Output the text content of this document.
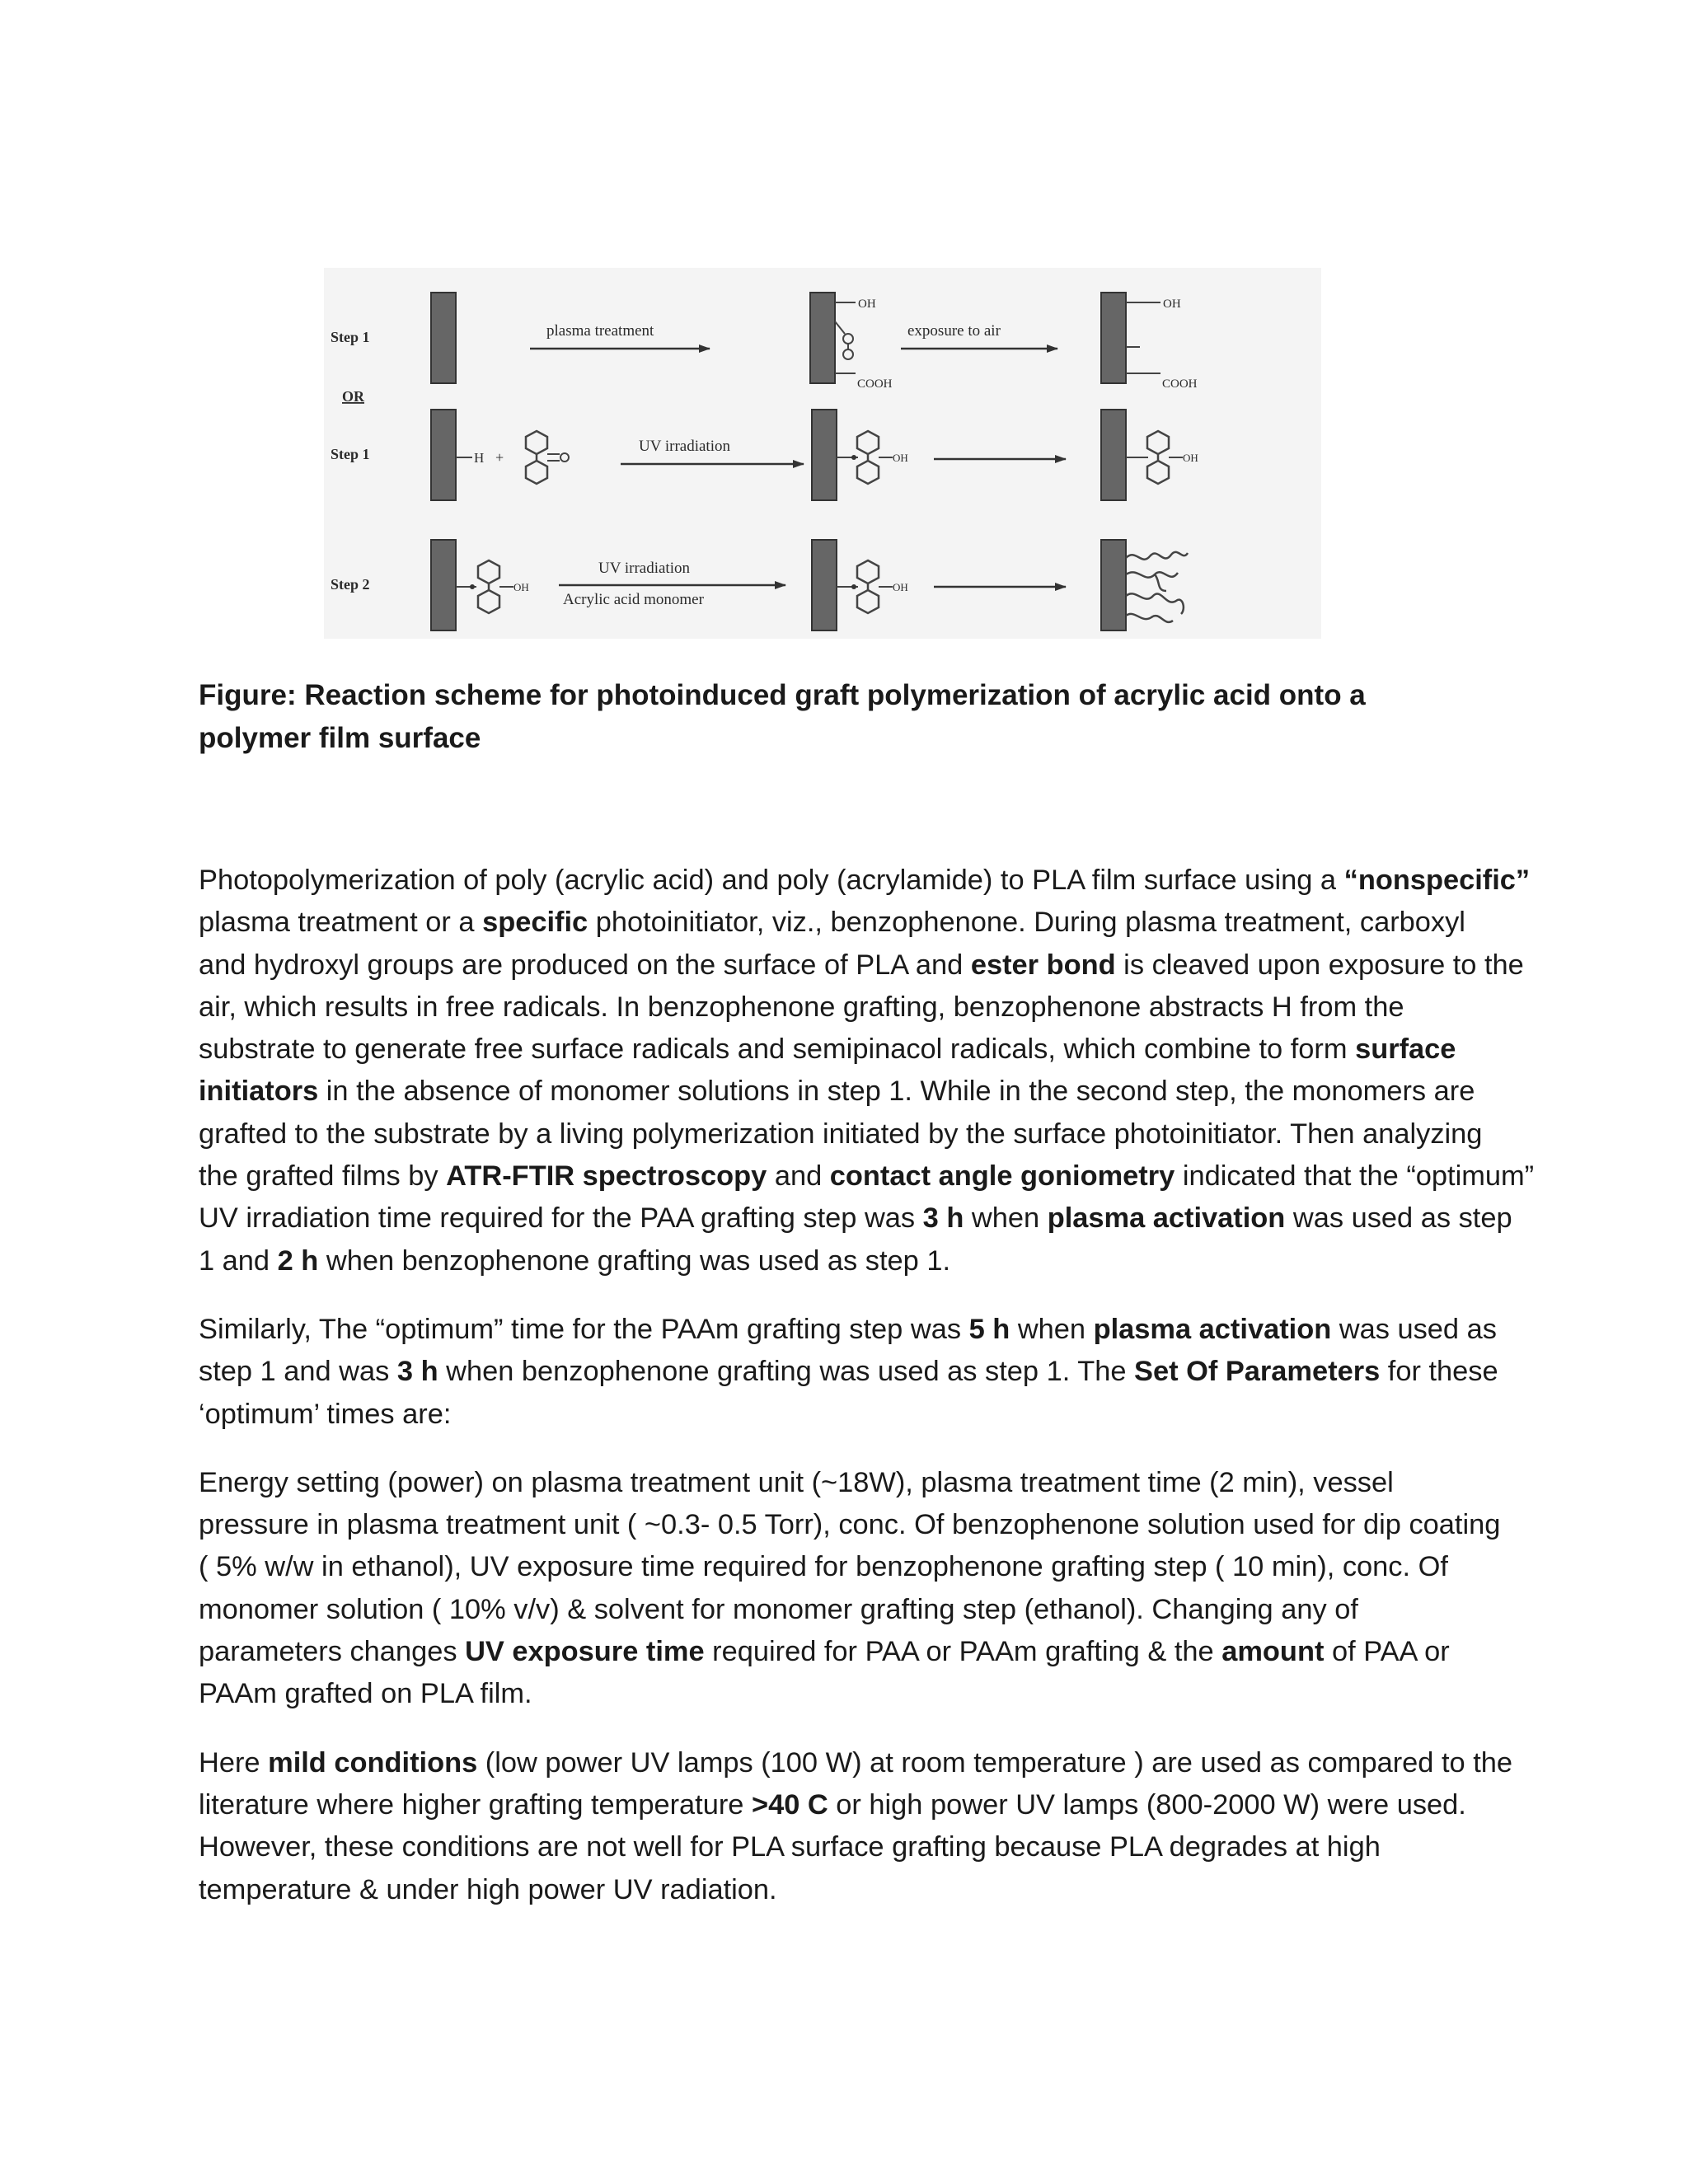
Step 1	plasma treatment
OH
COOH
exposure to air
OH
COOH
OR
Step 1	H +
UV irradiation
OH	OH
Step 2	OH
UV irradiation
Acrylic acid monomer
OH

Figure: Reaction scheme for photoinduced graft polymerization of acrylic acid onto a polymer film surface

Photopolymerization of poly (acrylic acid) and poly (acrylamide) to PLA film surface using a “nonspecific”
plasma treatment or a specific photoinitiator, viz., benzophenone. During plasma treatment, carboxyl
and hydroxyl groups are produced on the surface of PLA and ester bond is cleaved upon exposure to the
air, which results in free radicals. In benzophenone grafting, benzophenone abstracts H from the
substrate to generate free surface radicals and semipinacol radicals, which combine to form surface
initiators in the absence of monomer solutions in step 1. While in the second step, the monomers are
grafted to the substrate by a living polymerization initiated by the surface photoinitiator. Then analyzing
the grafted films by ATR-FTIR spectroscopy and contact angle goniometry indicated that the “optimum”
UV irradiation time required for the PAA grafting step was 3 h when plasma activation was used as step
1 and 2 h when benzophenone grafting was used as step 1.

Similarly, The “optimum” time for the PAAm grafting step was 5 h when plasma activation was used as
step 1 and was 3 h when benzophenone grafting was used as step 1. The Set Of Parameters for these
‘optimum’ times are:

Energy setting (power) on plasma treatment unit (~18W), plasma treatment time (2 min), vessel
pressure in plasma treatment unit ( ~0.3- 0.5 Torr), conc. Of benzophenone solution used for dip coating
( 5% w/w in ethanol), UV exposure time required for benzophenone grafting step ( 10 min), conc. Of
monomer solution ( 10% v/v) & solvent for monomer grafting step (ethanol). Changing any of
parameters changes UV exposure time required for PAA or PAAm grafting & the amount of PAA or
PAAm grafted on PLA film.

Here mild conditions (low power UV lamps (100 W) at room temperature ) are used as compared to the
literature where higher grafting temperature >40 C or high power UV lamps (800-2000 W) were used.
However, these conditions are not well for PLA surface grafting because PLA degrades at high
temperature & under high power UV radiation.
